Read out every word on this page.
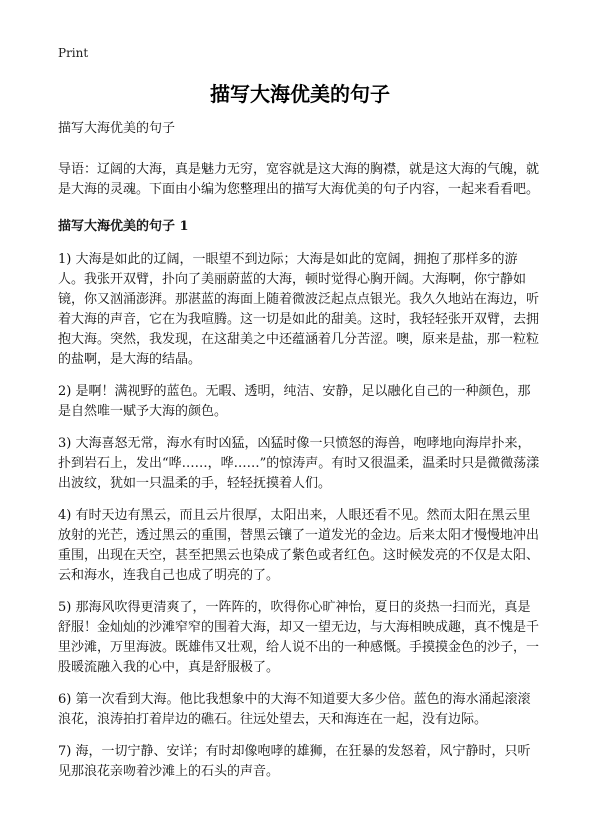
Print
描写大海优美的句子

描写大海优美的句子

导语：辽阔的大海，真是魅力无穷，宽容就是这大海的胸襟，就是这大海的气魄，就是大海的灵魂。下面由小编为您整理出的描写大海优美的句子内容，一起来看看吧。

描写大海优美的句子 1

1) 大海是如此的辽阔，一眼望不到边际；大海是如此的宽阔，拥抱了那样多的游人。我张开双臂，扑向了美丽蔚蓝的大海，顿时觉得心胸开阔。大海啊，你宁静如镜，你又汹涌澎湃。那湛蓝的海面上随着微波泛起点点银光。我久久地站在海边，听着大海的声音，它在为我喧腾。这一切是如此的甜美。这时，我轻轻张开双臂，去拥抱大海。突然，我发现，在这甜美之中还蕴涵着几分苦涩。噢，原来是盐，那一粒粒的盐啊，是大海的结晶。

2) 是啊！满视野的蓝色。无暇、透明，纯洁、安静，足以融化自己的一种颜色，那是自然唯一赋予大海的颜色。

3) 大海喜怒无常，海水有时凶猛，凶猛时像一只愤怒的海兽，咆哮地向海岸扑来，扑到岩石上，发出“哗……，哗……”的惊涛声。有时又很温柔，温柔时只是微微荡漾出波纹，犹如一只温柔的手，轻轻抚摸着人们。

4) 有时天边有黑云，而且云片很厚，太阳出来，人眼还看不见。然而太阳在黑云里放射的光芒，透过黑云的重围，替黑云镶了一道发光的金边。后来太阳才慢慢地冲出重围，出现在天空，甚至把黑云也染成了紫色或者红色。这时候发亮的不仅是太阳、云和海水，连我自己也成了明亮的了。

5) 那海风吹得更清爽了，一阵阵的，吹得你心旷神怡，夏日的炎热一扫而光，真是舒服！金灿灿的沙滩窄窄的围着大海，却又一望无边，与大海相映成趣，真不愧是千里沙滩，万里海波。既雄伟又壮观，给人说不出的一种感慨。手摸摸金色的沙子，一股暖流融入我的心中，真是舒服极了。

6) 第一次看到大海。他比我想象中的大海不知道要大多少倍。蓝色的海水涌起滚滚浪花，浪涛拍打着岸边的礁石。往远处望去，天和海连在一起，没有边际。

7) 海，一切宁静、安详；有时却像咆哮的雄狮，在狂暴的发怒着，风宁静时，只听见那浪花亲吻着沙滩上的石头的声音。
